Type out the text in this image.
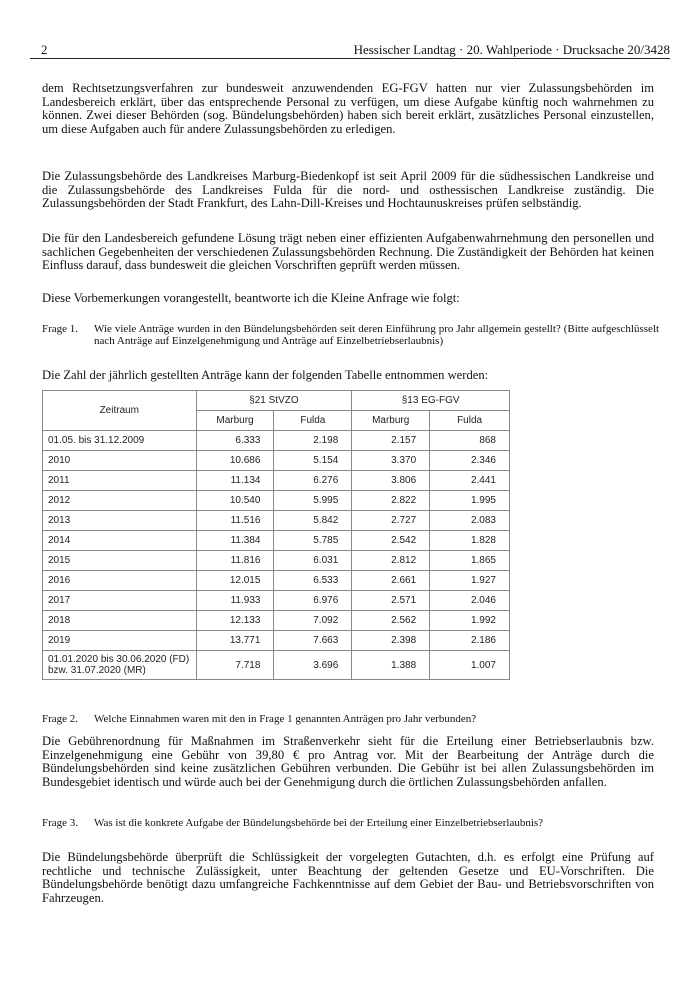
2	Hessischer Landtag · 20. Wahlperiode · Drucksache 20/3428

dem Rechtsetzungsverfahren zur bundesweit anzuwendenden EG-FGV hatten nur vier Zulassungsbehörden im Landesbereich erklärt, über das entsprechende Personal zu verfügen, um diese Aufgabe künftig noch wahrnehmen zu können. Zwei dieser Behörden (sog. Bündelungsbehörden) haben sich bereit erklärt, zusätzliches Personal einzustellen, um diese Aufgaben auch für andere Zulassungsbehörden zu erledigen.

Die Zulassungsbehörde des Landkreises Marburg-Biedenkopf ist seit April 2009 für die südhessischen Landkreise und die Zulassungsbehörde des Landkreises Fulda für die nord- und osthessischen Landkreise zuständig. Die Zulassungsbehörden der Stadt Frankfurt, des Lahn-Dill-Kreises und Hochtaunuskreises prüfen selbständig.

Die für den Landesbereich gefundene Lösung trägt neben einer effizienten Aufgabenwahrnehmung den personellen und sachlichen Gegebenheiten der verschiedenen Zulassungsbehörden Rechnung. Die Zuständigkeit der Behörden hat keinen Einfluss darauf, dass bundesweit die gleichen Vorschriften geprüft werden müssen.

Diese Vorbemerkungen vorangestellt, beantworte ich die Kleine Anfrage wie folgt:

Frage 1. Wie viele Anträge wurden in den Bündelungsbehörden seit deren Einführung pro Jahr allgemein gestellt? (Bitte aufgeschlüsselt nach Anträge auf Einzelgenehmigung und Anträge auf Einzelbetriebserlaubnis)

Die Zahl der jährlich gestellten Anträge kann der folgenden Tabelle entnommen werden:

Zeitraum	§21 StVZO		§13 EG-FGV	
	Marburg	Fulda	Marburg	Fulda
01.05. bis 31.12.2009	6.333	2.198	2.157	868
2010	10.686	5.154	3.370	2.346
2011	11.134	6.276	3.806	2.441
2012	10.540	5.995	2.822	1.995
2013	11.516	5.842	2.727	2.083
2014	11.384	5.785	2.542	1.828
2015	11.816	6.031	2.812	1.865
2016	12.015	6.533	2.661	1.927
2017	11.933	6.976	2.571	2.046
2018	12.133	7.092	2.562	1.992
2019	13.771	7.663	2.398	2.186
01.01.2020 bis 30.06.2020 (FD)
bzw. 31.07.2020 (MR)	7.718	3.696	1.388	1.007
Frage 2. Welche Einnahmen waren mit den in Frage 1 genannten Anträgen pro Jahr verbunden?

Die Gebührenordnung für Maßnahmen im Straßenverkehr sieht für die Erteilung einer Betriebserlaubnis bzw. Einzelgenehmigung eine Gebühr von 39,80 € pro Antrag vor. Mit der Bearbeitung der Anträge durch die Bündelungsbehörden sind keine zusätzlichen Gebühren verbunden. Die Gebühr ist bei allen Zulassungsbehörden im Bundesgebiet identisch und würde auch bei der Genehmigung durch die örtlichen Zulassungsbehörden anfallen.

Frage 3. Was ist die konkrete Aufgabe der Bündelungsbehörde bei der Erteilung einer Einzelbetriebserlaubnis?

Die Bündelungsbehörde überprüft die Schlüssigkeit der vorgelegten Gutachten, d.h. es erfolgt eine Prüfung auf rechtliche und technische Zulässigkeit, unter Beachtung der geltenden Gesetze und EU-Vorschriften. Die Bündelungsbehörde benötigt dazu umfangreiche Fachkenntnisse auf dem Gebiet der Bau- und Betriebsvorschriften von Fahrzeugen.
